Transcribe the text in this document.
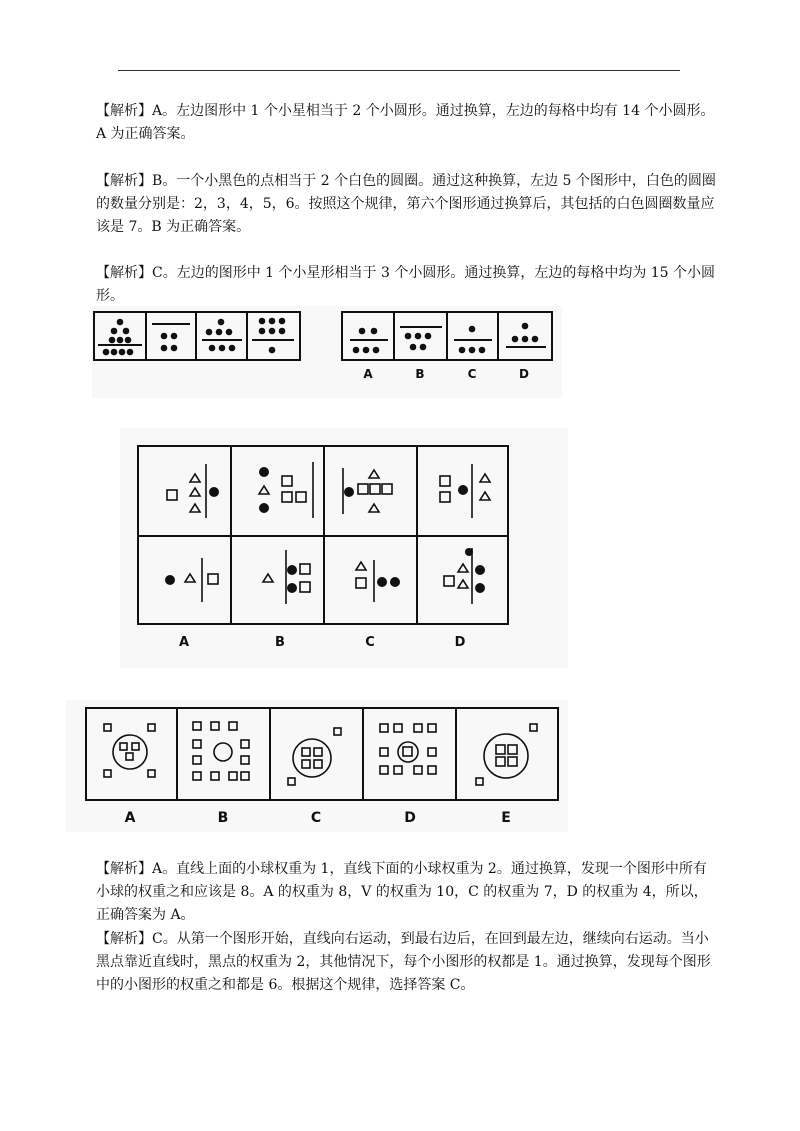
【解析】A。左边图形中 1 个小星相当于 2 个小圆形。通过换算，左边的每格中均有 14 个小圆形。A 为正确答案。

【解析】B。一个小黑色的点相当于 2 个白色的圆圈。通过这种换算，左边 5 个图形中，白色的圆圈的数量分别是：2，3，4，5，6。按照这个规律，第六个图形通过换算后，其包括的白色圆圈数量应该是 7。B 为正确答案。

【解析】C。左边的图形中 1 个小星形相当于 3 个小圆形。通过换算，左边的每格中均为 15 个小圆形。

A	B	C	D
A	B	C	D
A	B	C	D	E

【解析】A。直线上面的小球权重为 1，直线下面的小球权重为 2。通过换算，发现一个图形中所有小球的权重之和应该是 8。A 的权重为 8，V 的权重为 10，C 的权重为 7，D 的权重为 4，所以，正确答案为 A。

【解析】C。从第一个图形开始，直线向右运动，到最右边后，在回到最左边，继续向右运动。当小黑点靠近直线时，黑点的权重为 2，其他情况下，每个小图形的权都是 1。通过换算，发现每个图形中的小图形的权重之和都是 6。根据这个规律，选择答案 C。
